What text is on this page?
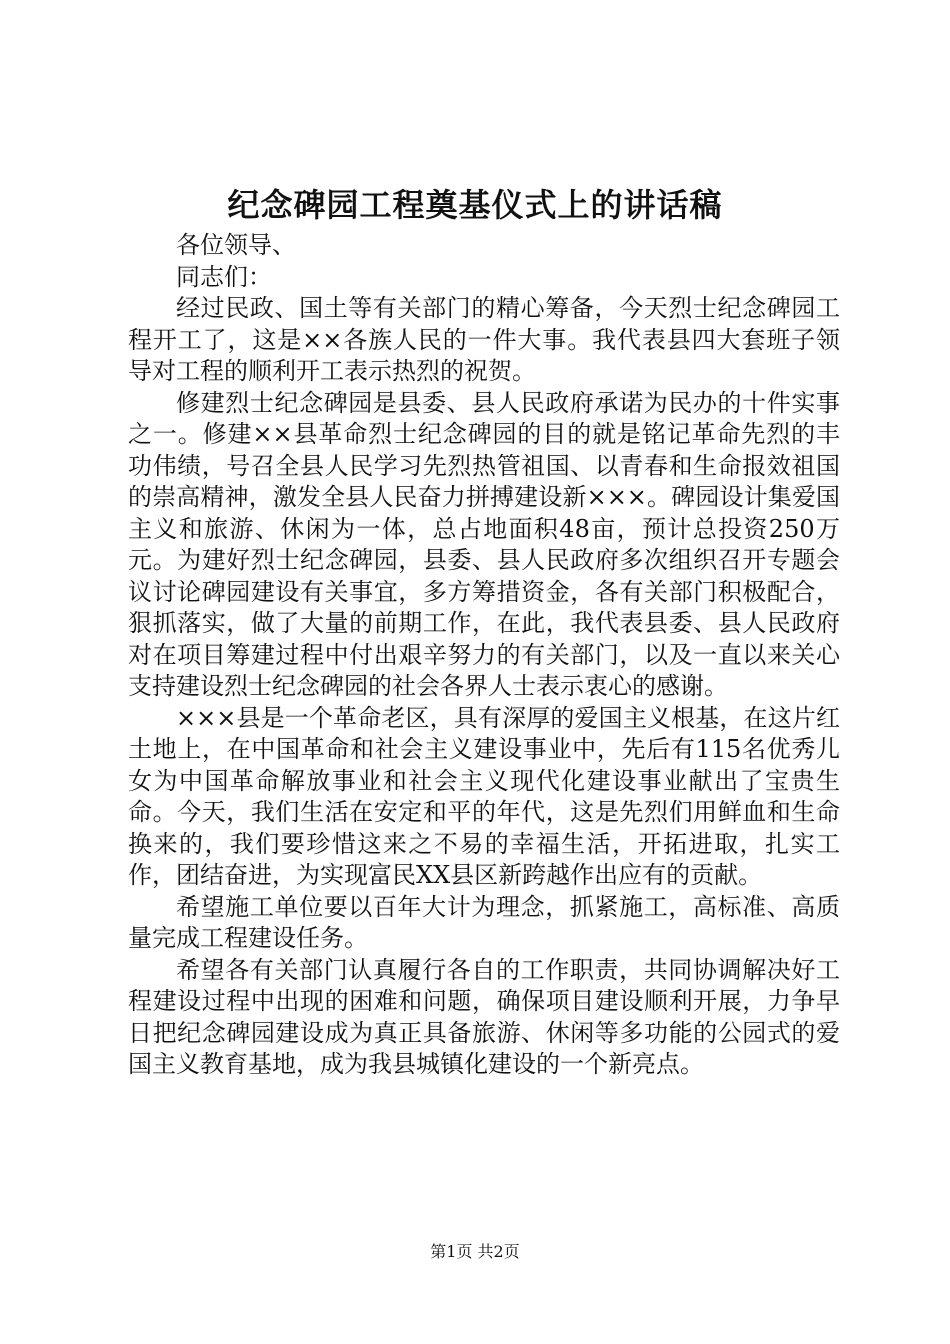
纪念碑园工程奠基仪式上的讲话稿

各位领导、

同志们：

经过民政、国土等有关部门的精心筹备，今天烈士纪念碑园工程开工了，这是××各族人民的一件大事。我代表县四大套班子领导对工程的顺利开工表示热烈的祝贺。

修建烈士纪念碑园是县委、县人民政府承诺为民办的十件实事之一。修建××县革命烈士纪念碑园的目的就是铭记革命先烈的丰功伟绩，号召全县人民学习先烈热管祖国、以青春和生命报效祖国的崇高精神，激发全县人民奋力拼搏建设新×××。碑园设计集爱国主义和旅游、休闲为一体，总占地面积48亩，预计总投资250万元。为建好烈士纪念碑园，县委、县人民政府多次组织召开专题会议讨论碑园建设有关事宜，多方筹措资金，各有关部门积极配合，狠抓落实，做了大量的前期工作，在此，我代表县委、县人民政府对在项目筹建过程中付出艰辛努力的有关部门，以及一直以来关心支持建设烈士纪念碑园的社会各界人士表示衷心的感谢。

×××县是一个革命老区，具有深厚的爱国主义根基，在这片红土地上，在中国革命和社会主义建设事业中，先后有115名优秀儿女为中国革命解放事业和社会主义现代化建设事业献出了宝贵生命。今天，我们生活在安定和平的年代，这是先烈们用鲜血和生命换来的，我们要珍惜这来之不易的幸福生活，开拓进取，扎实工作，团结奋进，为实现富民XX县区新跨越作出应有的贡献。

希望施工单位要以百年大计为理念，抓紧施工，高标准、高质量完成工程建设任务。

希望各有关部门认真履行各自的工作职责，共同协调解决好工程建设过程中出现的困难和问题，确保项目建设顺利开展，力争早日把纪念碑园建设成为真正具备旅游、休闲等多功能的公园式的爱国主义教育基地，成为我县城镇化建设的一个新亮点。

第1页 共2页
